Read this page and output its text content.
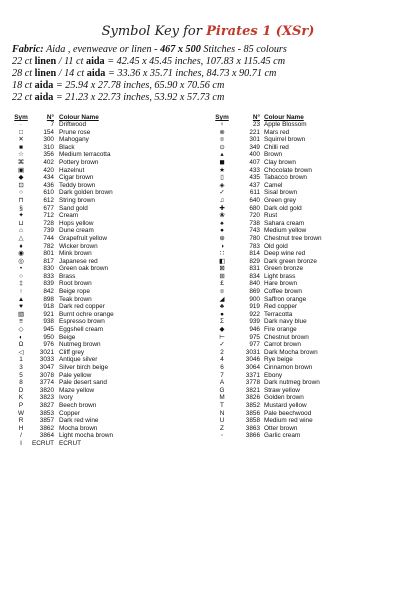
Symbol Key for Pirates 1 (XSr)
Fabric: Aida , evenweave or linen - 467 x 500 Stitches - 85 colours
22 ct linen / 11 ct aida = 42.45 x 45.45 inches, 107.83 x 115.45 cm
28 ct linen / 14 ct aida = 33.36 x 35.71 inches, 84.73 x 90.71 cm
18 ct aida = 25.94 x 27.78 inches, 65.90 x 70.56 cm
22 ct aida = 21.23 x 22.73 inches, 53.92 x 57.73 cm
Sym	N° Colour Name
·	7 Driftwood
□	154 Prune rose
✕	300 Mahogany
■	310 Black
☆	356 Medium terracotta
⌘	402 Pottery brown
▣	420 Hazelnut
◆	434 Cigar brown
⊡	436 Teddy brown
○	610 Dark golden brown
⊓	612 String brown
§	677 Sand gold
✦	712 Cream
⊔	728 Hops yellow
⌂	739 Dune cream
△	744 Grapefruit yellow
♦	782 Wicker brown
◉	801 Mink brown
◎	817 Japanese red
•	830 Green oak brown
○	833 Brass
‡	839 Root brown
↑	842 Beige rope
▲	898 Teak brown
♥	918 Dark red copper
▧	921 Burnt ochre orange
≡	938 Espresso brown
◇	945 Eggshell cream
◐	950 Beige
Ω	976 Nutmeg brown
◁	3021 Cliff grey
1	3033 Antique silver
3	3047 Silver birch beige
5	3078 Pale yellow
8	3774 Pale desert sand
D	3820 Maze yellow
K	3823 Ivory
P	3827 Beech brown
W	3853 Copper
R	3857 Dark red wine
H	3862 Mocha brown
/	3864 Light mocha brown
I	ECRUT ECRUT
Sym	N° Colour Name
♀	23 Apple Blossom
⊗	221 Mars red
¤	301 Squirrel brown
⊙	349 Chilli red
▴	400 Brown
◼	407 Clay brown
★	433 Chocolate brown
▯	435 Tabacco brown
◈	437 Camel
✓	611 Sisal brown
♫	640 Green grey
✚	680 Dark old gold
❀	720 Rust
♠	738 Sahara cream
●	743 Medium yellow
⊕	780 Chestnut tree brown
◑	783 Old gold
∷	814 Deep wine red
◧	829 Dark green bronze
⊠	831 Green bronze
⊞	834 Light brass
£	840 Hare brown
¤	869 Coffee brown
◢	900 Saffron orange
♣	919 Red copper
●	922 Terracotta
Σ	939 Dark navy blue
◆	946 Fire orange
⊢	975 Chestnut brown
✓	977 Carrot brown
2	3031 Dark Mocha brown
4	3046 Rye beige
6	3064 Cinnamon brown
7	3371 Ebony
A	3778 Dark nutmeg brown
G	3821 Straw yellow
M	3826 Golden brown
T	3852 Mustard yellow
N	3856 Pale beechwood
U	3858 Medium red wine
Z	3863 Otter brown
◦	3866 Garlic cream
